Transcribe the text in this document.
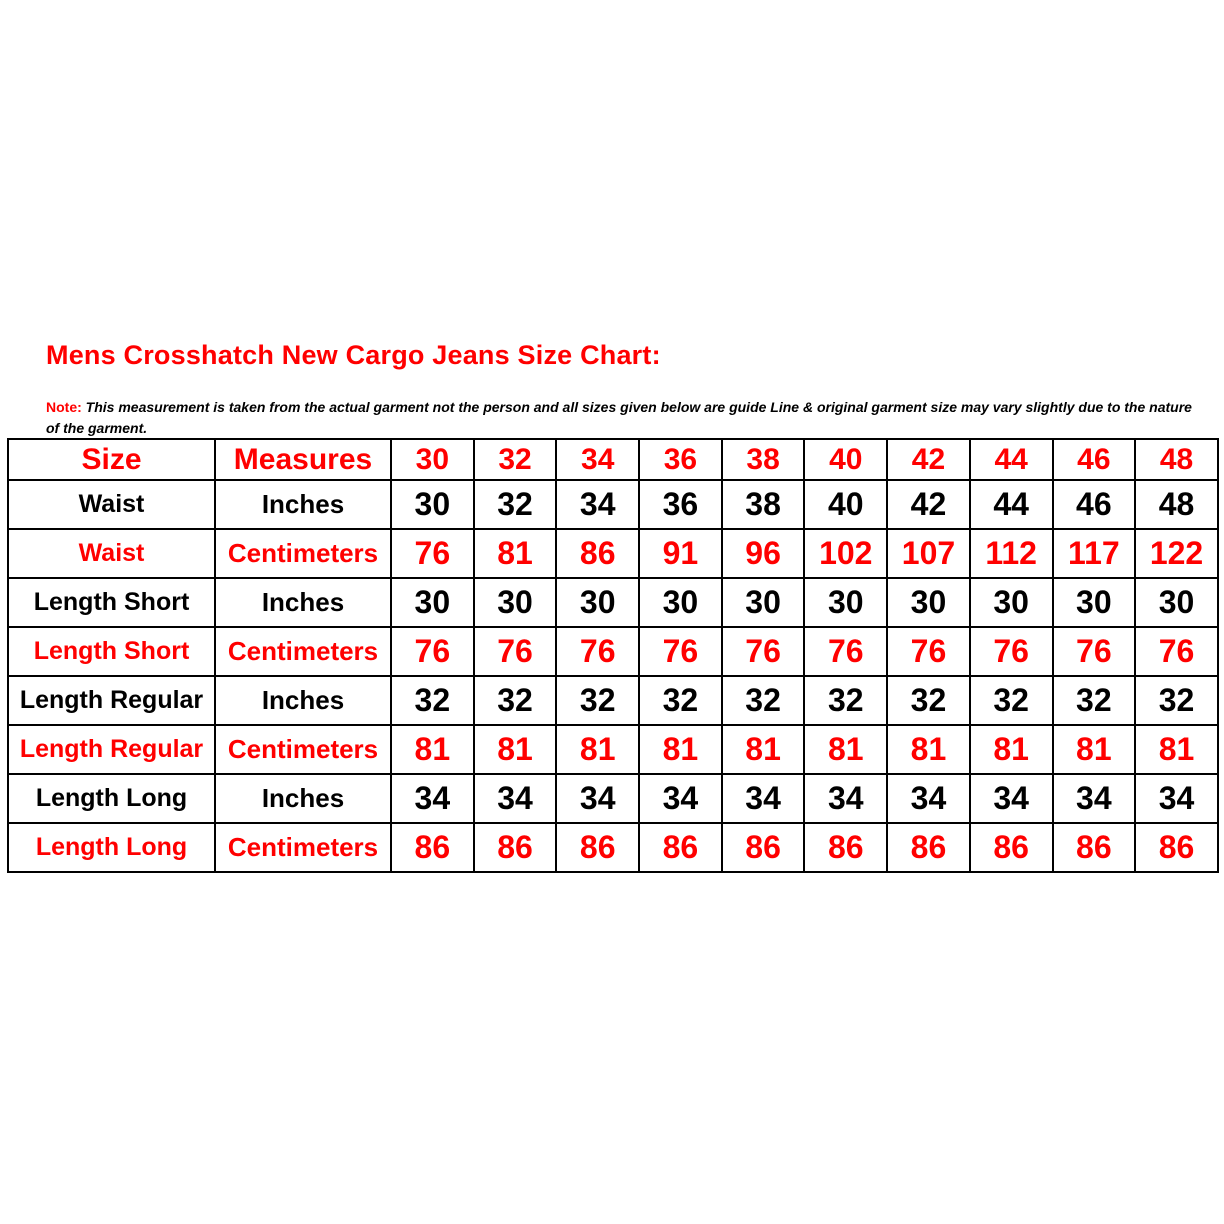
Mens Crosshatch New Cargo Jeans Size Chart:

Note: This measurement is taken from the actual garment not the person and all sizes given below are guide Line & original garment size may vary slightly due to the nature of the garment.

Size	Measures	30	32	34	36	38	40	42	44	46	48
Waist	Inches	30	32	34	36	38	40	42	44	46	48
Waist	Centimeters	76	81	86	91	96	102	107	112	117	122
Length Short	Inches	30	30	30	30	30	30	30	30	30	30
Length Short	Centimeters	76	76	76	76	76	76	76	76	76	76
Length Regular	Inches	32	32	32	32	32	32	32	32	32	32
Length Regular	Centimeters	81	81	81	81	81	81	81	81	81	81
Length Long	Inches	34	34	34	34	34	34	34	34	34	34
Length Long	Centimeters	86	86	86	86	86	86	86	86	86	86
